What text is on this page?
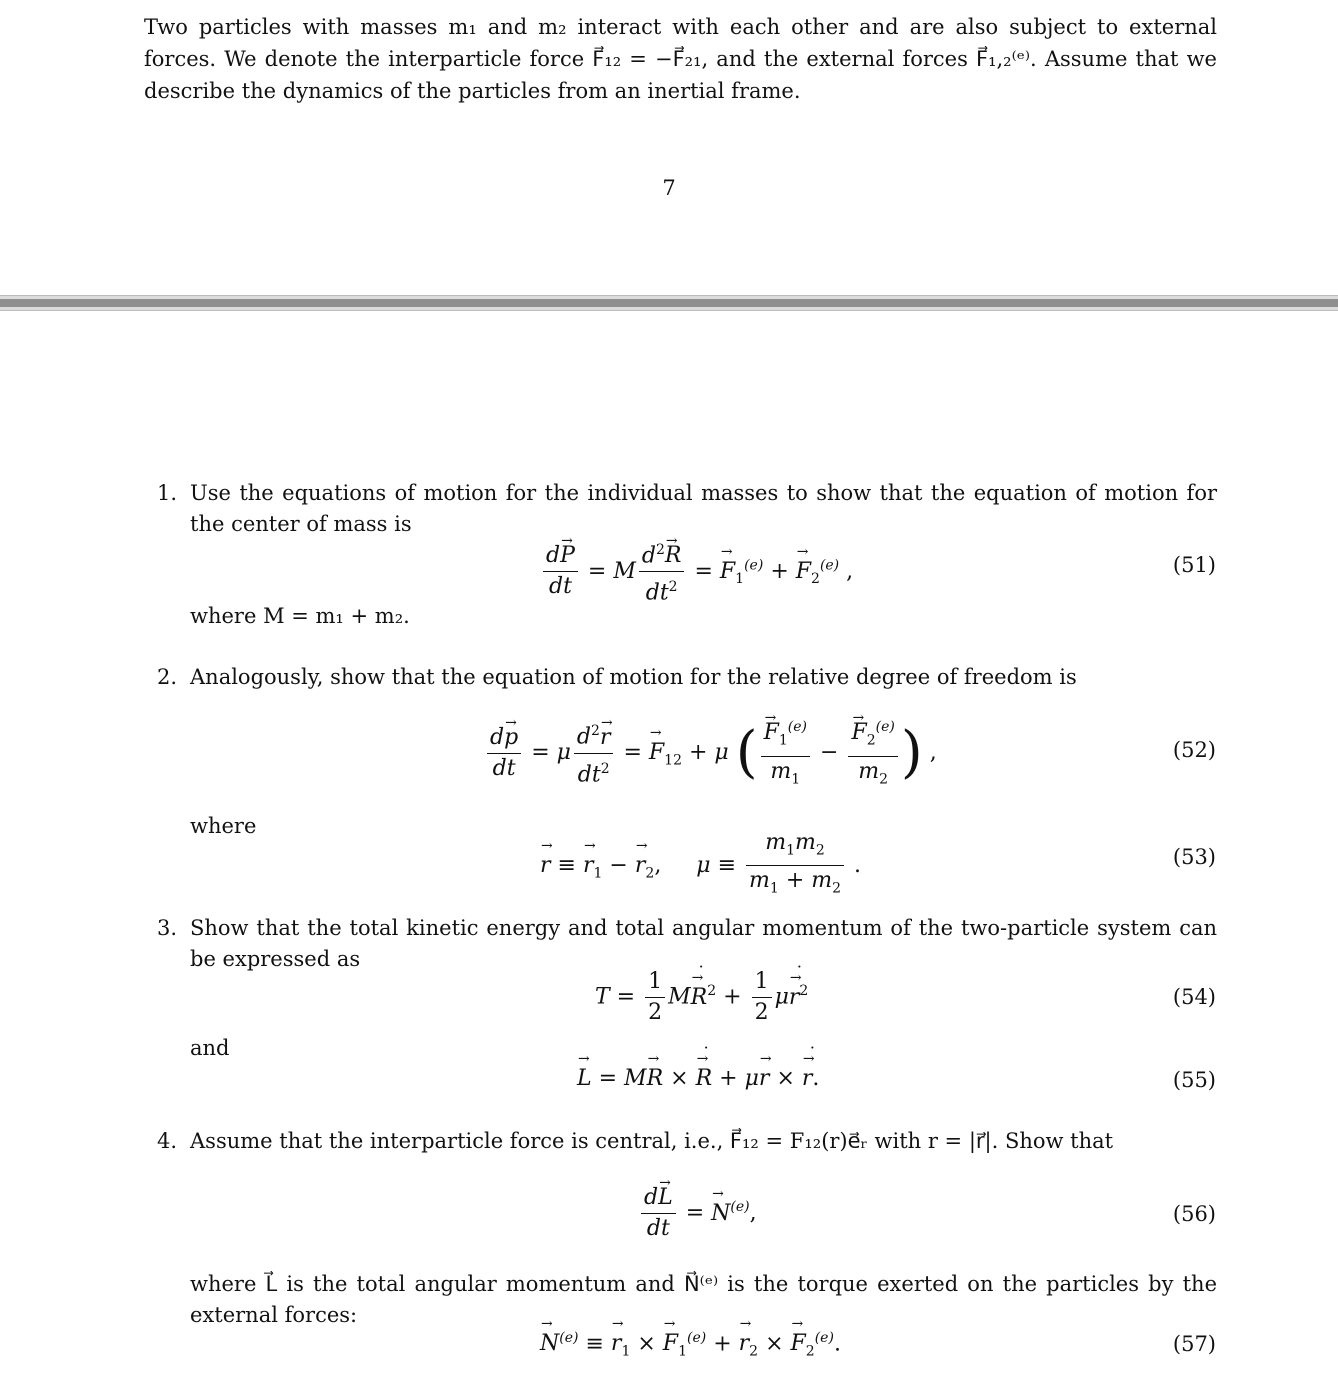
Two particles with masses m₁ and m₂ interact with each other and are also subject to external forces. We denote the interparticle force F⃗₁₂ = −F⃗₂₁, and the external forces F⃗₁,₂⁽ᵉ⁾. Assume that we describe the dynamics of the particles from an inertial frame.
7
1. Use the equations of motion for the individual masses to show that the equation of motion for the center of mass is
$\frac{d\to P}{dt} = M \frac{d^2\to R}{dt^2}$ = → $F_1^{(e)}$ + → $F_2^{(e)}$ ,	(51)
where M = m₁ + m₂.
2. Analogously, show that the equation of motion for the relative degree of freedom is
$\frac{d\to p}{dt} = \mu \frac{d^2\to r}{dt^2}$ = → $F_{12} + \mu$ ( → $\frac{F_1^{(e)}}{m_1}$ − → $\frac{F_2^{(e)}}{m_2}$ ) ,	(52)
where
→ r ≡ → $r_1$ − → $r_2$,     $\mu \equiv \frac{m_1m_2}{m_1 + m_2}$ .	(53)
3. Show that the total kinetic energy and total angular momentum of the two-particle system can be expressed as
$T = \frac{1}{2} M\to R$ ˙$^2$ + $\frac{1}{2} \mu\to r$ ˙$^2$	(54)
and
→ L = M→ R × → R ˙ + μ→ r × → r ˙.	(55)
4. Assume that the interparticle force is central, i.e., F⃗₁₂ = F₁₂(r)e⃗ᵣ with r = |r⃗|. Show that
$\frac{d\to L}{dt}$ = → $N^{(e)}$,	(56)
where L⃗ is the total angular momentum and N⃗⁽ᵉ⁾ is the torque exerted on the particles by the external forces:
→ $N^{(e)}$ ≡ → $r_1$ × → $F_1^{(e)}$ + → $r_2$ × → $F_2^{(e)}$.	(57)
